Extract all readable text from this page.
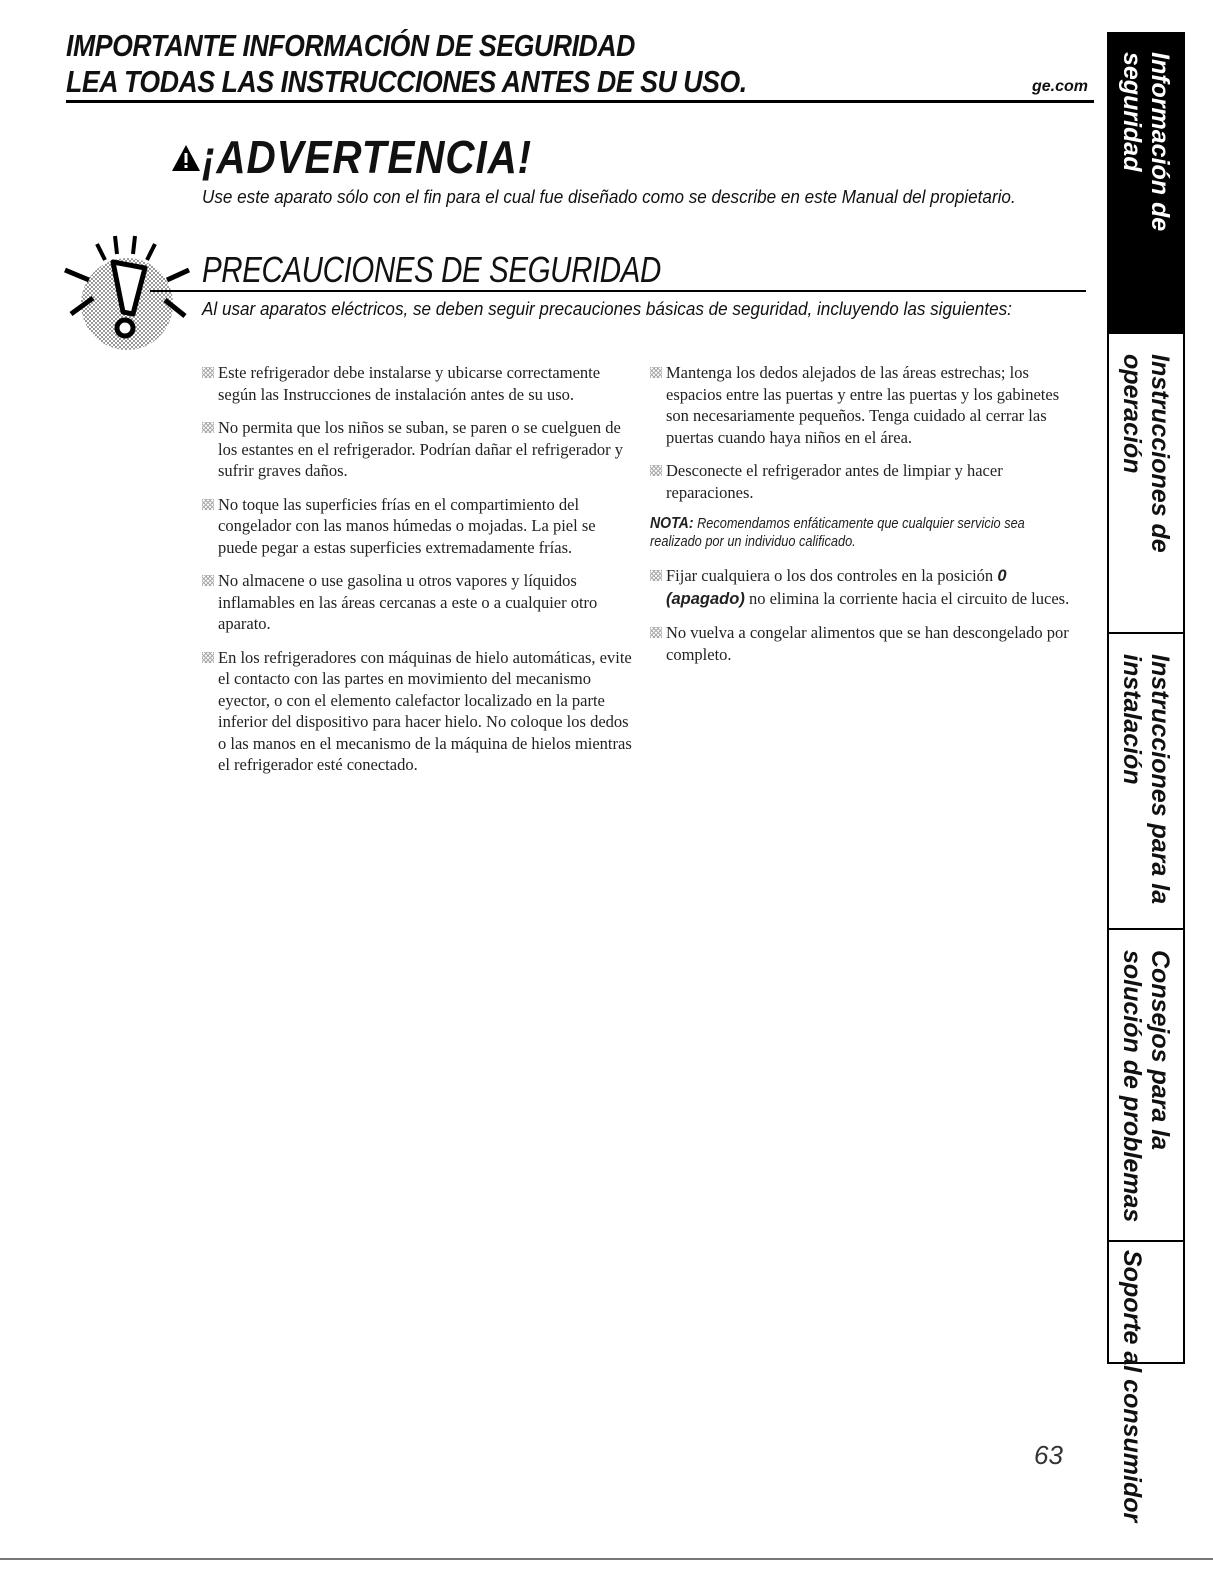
IMPORTANTE INFORMACIÓN DE SEGURIDAD
LEA TODAS LAS INSTRUCCIONES ANTES DE SU USO.	ge.com
¡ADVERTENCIA!
Use este aparato sólo con el fin para el cual fue diseñado como se describe en este Manual del propietario.
PRECAUCIONES DE SEGURIDAD
Al usar aparatos eléctricos, se deben seguir precauciones básicas de seguridad, incluyendo las siguientes:
Este refrigerador debe instalarse y ubicarse correctamente según las Instrucciones de instalación antes de su uso.
No permita que los niños se suban, se paren o se cuelguen de los estantes en el refrigerador. Podrían dañar el refrigerador y sufrir graves daños.
No toque las superficies frías en el compartimiento del congelador con las manos húmedas o mojadas. La piel se puede pegar a estas superficies extremadamente frías.
No almacene o use gasolina u otros vapores y líquidos inflamables en las áreas cercanas a este o a cualquier otro aparato.
En los refrigeradores con máquinas de hielo automáticas, evite el contacto con las partes en movimiento del mecanismo eyector, o con el elemento calefactor localizado en la parte inferior del dispositivo para hacer hielo. No coloque los dedos o las manos en el mecanismo de la máquina de hielos mientras el refrigerador esté conectado.
Mantenga los dedos alejados de las áreas estrechas; los espacios entre las puertas y entre las puertas y los gabinetes son necesariamente pequeños. Tenga cuidado al cerrar las puertas cuando haya niños en el área.
Desconecte el refrigerador antes de limpiar y hacer reparaciones.
NOTA: Recomendamos enfáticamente que cualquier servicio sea realizado por un individuo calificado.
Fijar cualquiera o los dos controles en la posición 0 (apagado) no elimina la corriente hacia el circuito de luces.
No vuelva a congelar alimentos que se han descongelado por completo.
63
Información de
seguridad
Instrucciones de
operación
Instrucciones para la
instalación
Consejos para la
solución de problemas
Soporte al consumidor
